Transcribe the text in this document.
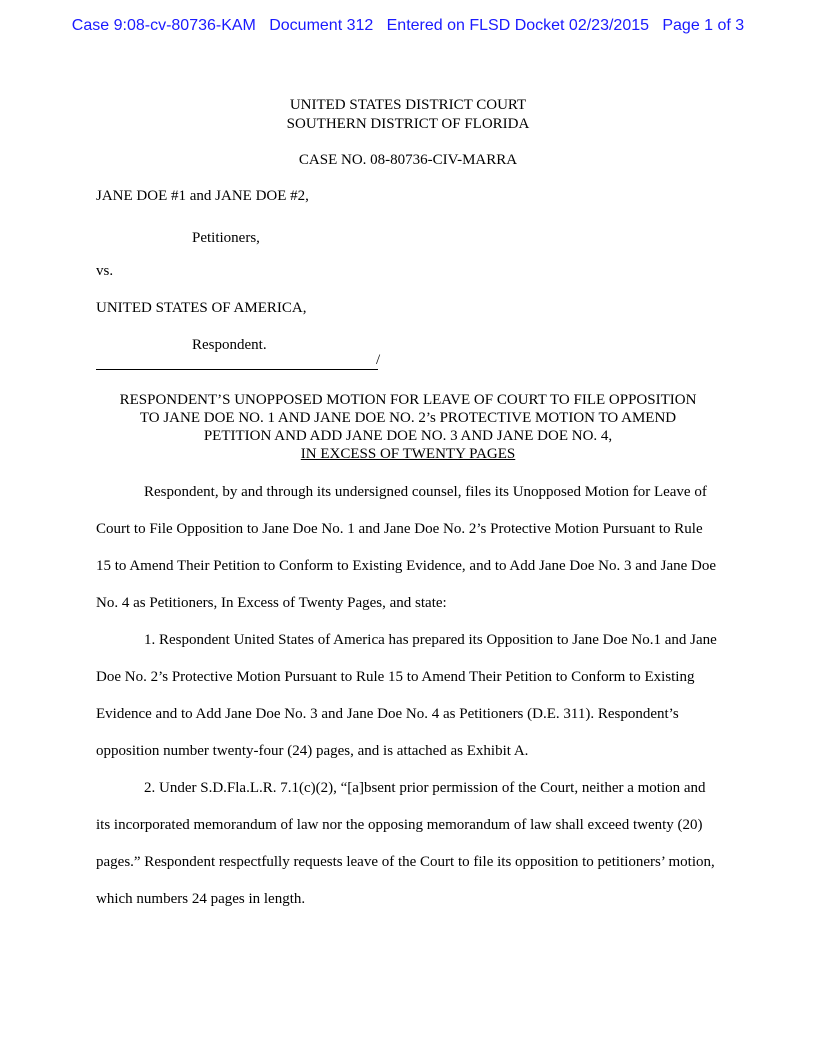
Case 9:08-cv-80736-KAM   Document 312   Entered on FLSD Docket 02/23/2015   Page 1 of 3
UNITED STATES DISTRICT COURT
SOUTHERN DISTRICT OF FLORIDA
CASE NO. 08-80736-CIV-MARRA
JANE DOE #1 and JANE DOE #2,
Petitioners,
vs.
UNITED STATES OF AMERICA,
Respondent.
/
RESPONDENT’S UNOPPOSED MOTION FOR LEAVE OF COURT TO FILE OPPOSITION
TO JANE DOE NO. 1 AND JANE DOE NO. 2’s PROTECTIVE MOTION TO AMEND
PETITION AND ADD JANE DOE NO. 3 AND JANE DOE NO. 4,
IN EXCESS OF TWENTY PAGES

Respondent, by and through its undersigned counsel, files its Unopposed Motion for Leave of Court to File Opposition to Jane Doe No. 1 and Jane Doe No. 2’s Protective Motion Pursuant to Rule 15 to Amend Their Petition to Conform to Existing Evidence, and to Add Jane Doe No. 3 and Jane Doe No. 4 as Petitioners, In Excess of Twenty Pages, and state:

1. Respondent United States of America has prepared its Opposition to Jane Doe No.1 and Jane Doe No. 2’s Protective Motion Pursuant to Rule 15 to Amend Their Petition to Conform to Existing Evidence and to Add Jane Doe No. 3 and Jane Doe No. 4 as Petitioners (D.E. 311). Respondent’s opposition number twenty-four (24) pages, and is attached as Exhibit A.

2. Under S.D.Fla.L.R. 7.1(c)(2), “[a]bsent prior permission of the Court, neither a motion and its incorporated memorandum of law nor the opposing memorandum of law shall exceed twenty (20) pages.” Respondent respectfully requests leave of the Court to file its opposition to petitioners’ motion, which numbers 24 pages in length.
